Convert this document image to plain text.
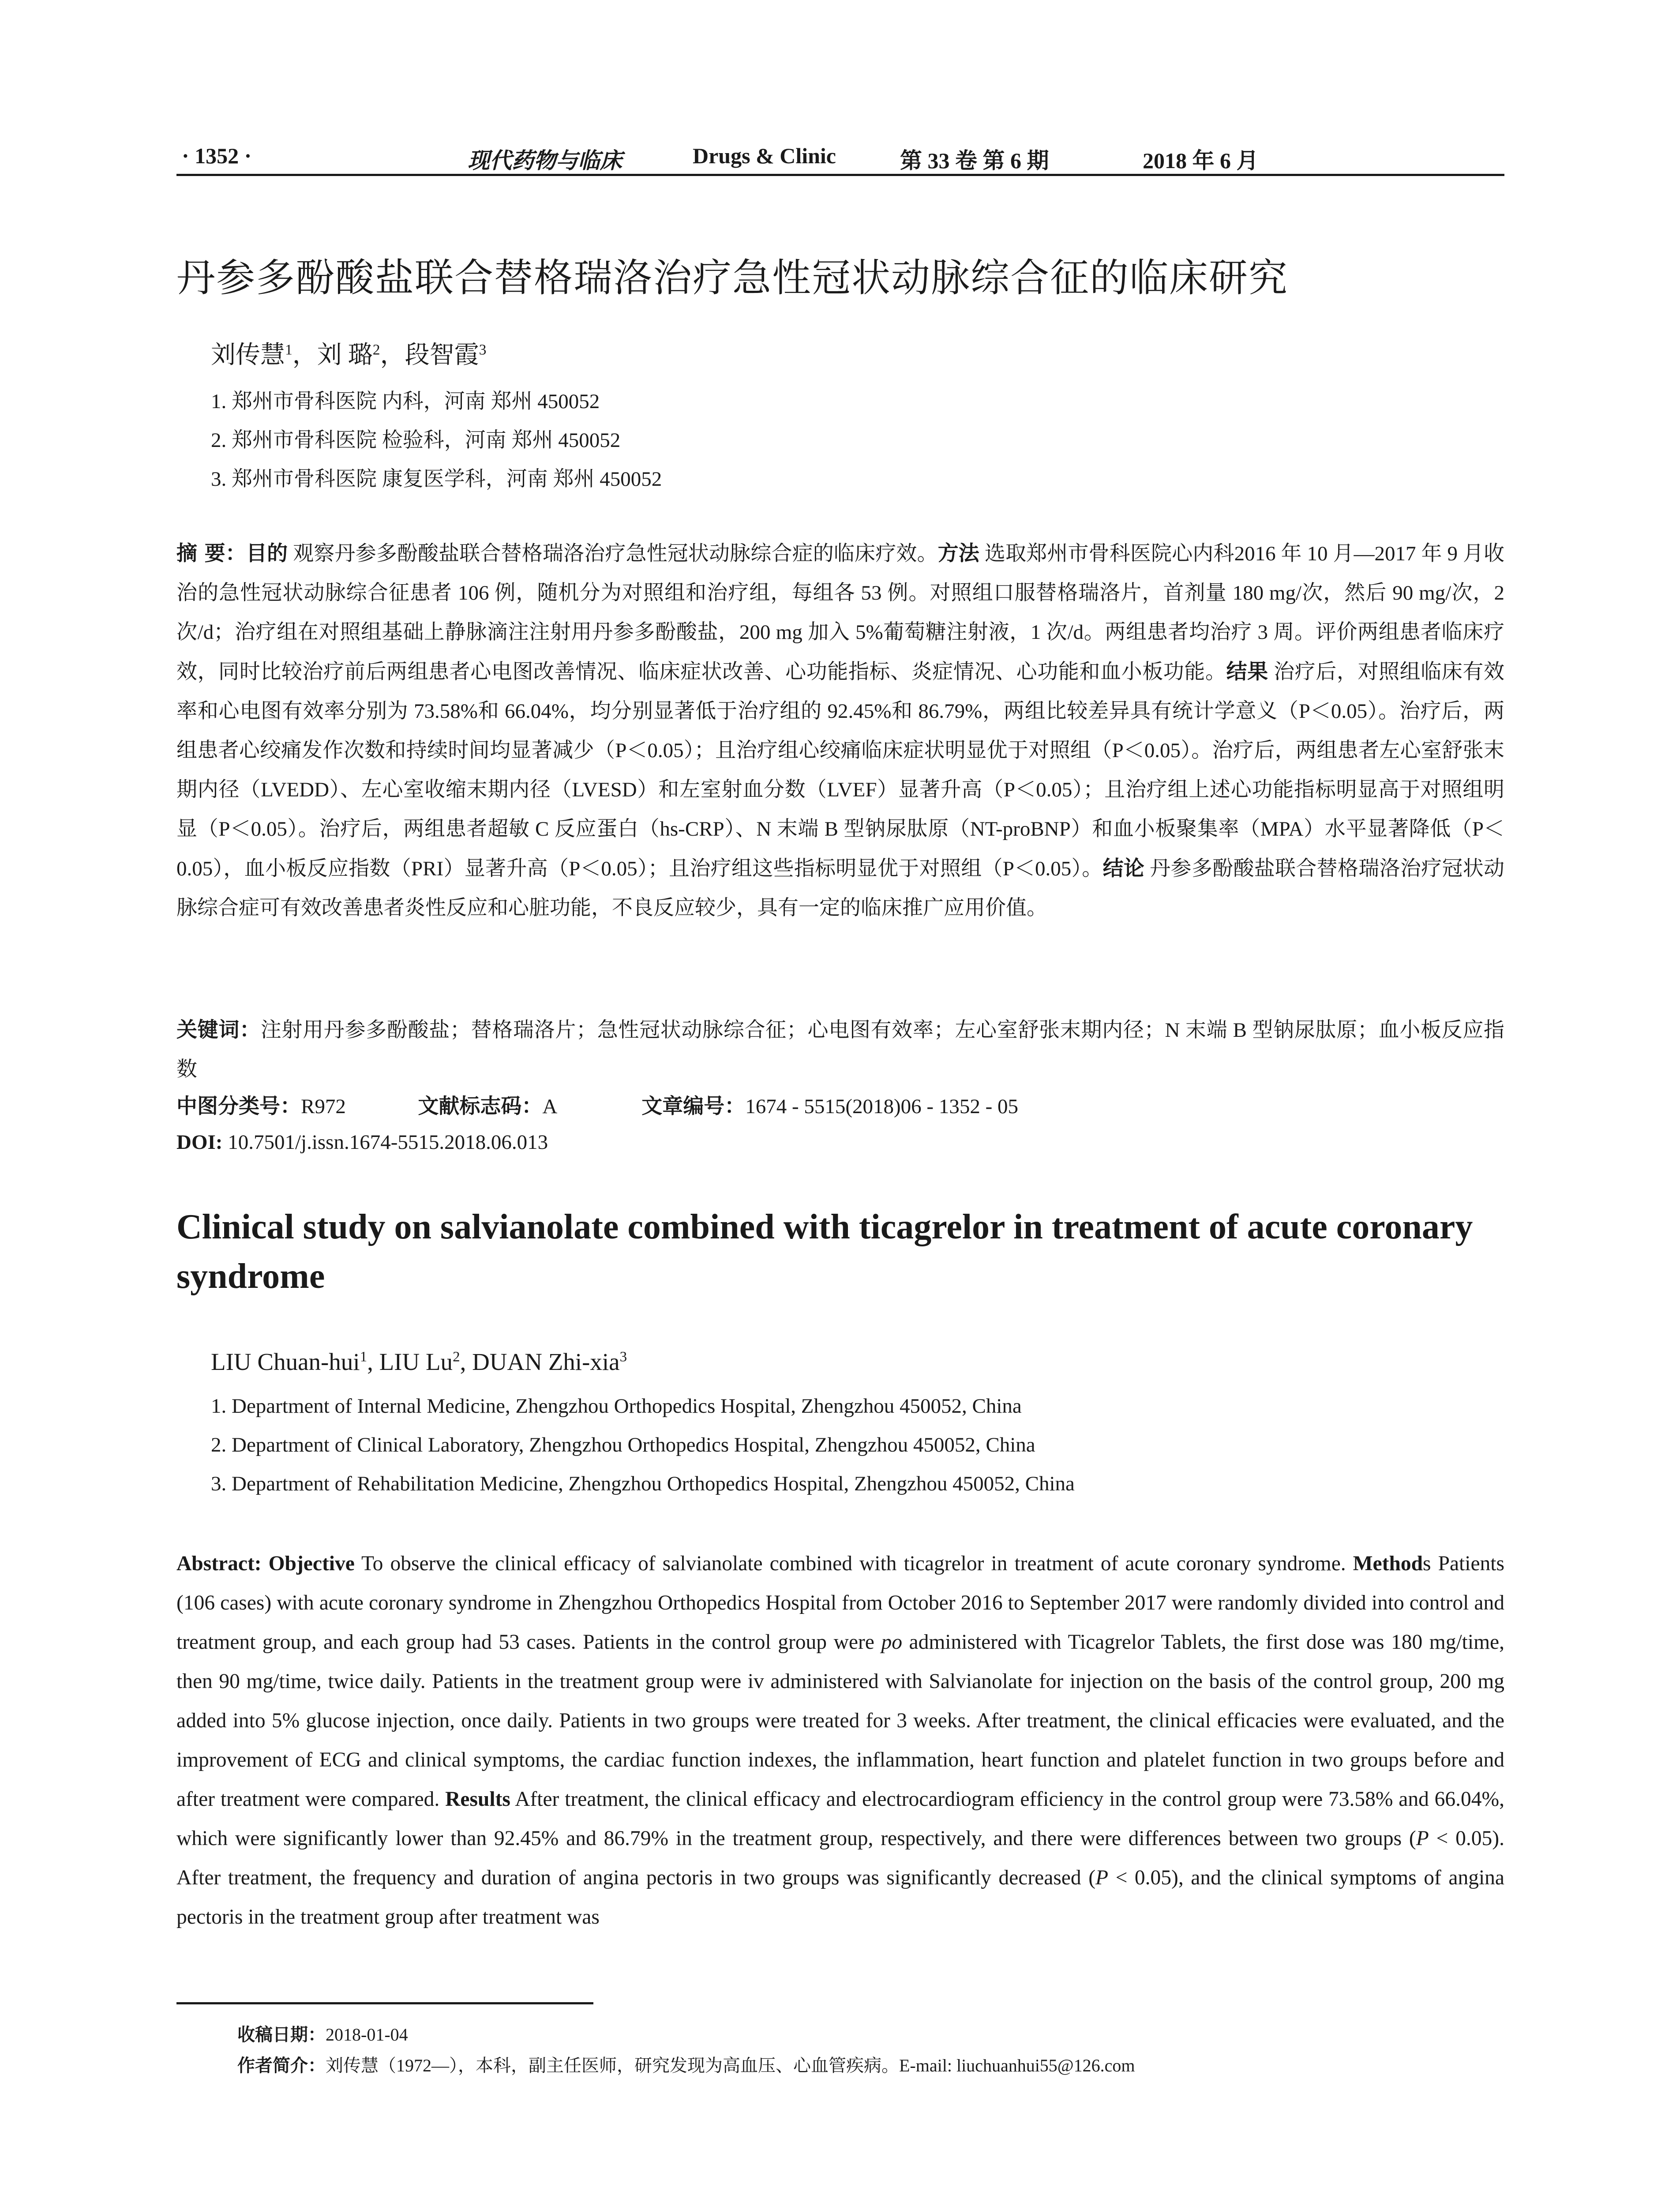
· 1352 ·	现代药物与临床	Drugs & Clinic	第 33 卷 第 6 期	2018 年 6 月
丹参多酚酸盐联合替格瑞洛治疗急性冠状动脉综合征的临床研究
刘传慧$^1$，刘 璐$^2$，段智霞$^3$
1. 郑州市骨科医院 内科，河南 郑州 450052
2. 郑州市骨科医院 检验科，河南 郑州 450052
3. 郑州市骨科医院 康复医学科，河南 郑州 450052
摘 要：目的 观察丹参多酚酸盐联合替格瑞洛治疗急性冠状动脉综合症的临床疗效。方法 选取郑州市骨科医院心内科2016 年 10 月—2017 年 9 月收治的急性冠状动脉综合征患者 106 例，随机分为对照组和治疗组，每组各 53 例。对照组口服替格瑞洛片，首剂量 180 mg/次，然后 90 mg/次，2 次/d；治疗组在对照组基础上静脉滴注注射用丹参多酚酸盐，200 mg 加入 5%葡萄糖注射液，1 次/d。两组患者均治疗 3 周。评价两组患者临床疗效，同时比较治疗前后两组患者心电图改善情况、临床症状改善、心功能指标、炎症情况、心功能和血小板功能。结果 治疗后，对照组临床有效率和心电图有效率分别为 73.58%和 66.04%，均分别显著低于治疗组的 92.45%和 86.79%，两组比较差异具有统计学意义（P＜0.05）。治疗后，两组患者心绞痛发作次数和持续时间均显著减少（P＜0.05）；且治疗组心绞痛临床症状明显优于对照组（P＜0.05）。治疗后，两组患者左心室舒张末期内径（LVEDD）、左心室收缩末期内径（LVESD）和左室射血分数（LVEF）显著升高（P＜0.05）；且治疗组上述心功能指标明显高于对照组明显（P＜0.05）。治疗后，两组患者超敏 C 反应蛋白（hs-CRP）、N 末端 B 型钠尿肽原（NT-proBNP）和血小板聚集率（MPA）水平显著降低（P＜0.05），血小板反应指数（PRI）显著升高（P＜0.05）；且治疗组这些指标明显优于对照组（P＜0.05）。结论 丹参多酚酸盐联合替格瑞洛治疗冠状动脉综合症可有效改善患者炎性反应和心脏功能，不良反应较少，具有一定的临床推广应用价值。
关键词：注射用丹参多酚酸盐；替格瑞洛片；急性冠状动脉综合征；心电图有效率；左心室舒张末期内径；N 末端 B 型钠尿肽原；血小板反应指数
中图分类号：R972	文献标志码：A	文章编号：1674 - 5515(2018)06 - 1352 - 05
DOI: 10.7501/j.issn.1674-5515.2018.06.013
Clinical study on salvianolate combined with ticagrelor in treatment of acute coronary syndrome
LIU Chuan-hui$^1$, LIU Lu$^2$, DUAN Zhi-xia$^3$
1. Department of Internal Medicine, Zhengzhou Orthopedics Hospital, Zhengzhou 450052, China
2. Department of Clinical Laboratory, Zhengzhou Orthopedics Hospital, Zhengzhou 450052, China
3. Department of Rehabilitation Medicine, Zhengzhou Orthopedics Hospital, Zhengzhou 450052, China
Abstract: Objective To observe the clinical efficacy of salvianolate combined with ticagrelor in treatment of acute coronary syndrome. Methods Patients (106 cases) with acute coronary syndrome in Zhengzhou Orthopedics Hospital from October 2016 to September 2017 were randomly divided into control and treatment group, and each group had 53 cases. Patients in the control group were po administered with Ticagrelor Tablets, the first dose was 180 mg/time, then 90 mg/time, twice daily. Patients in the treatment group were iv administered with Salvianolate for injection on the basis of the control group, 200 mg added into 5% glucose injection, once daily. Patients in two groups were treated for 3 weeks. After treatment, the clinical efficacies were evaluated, and the improvement of ECG and clinical symptoms, the cardiac function indexes, the inflammation, heart function and platelet function in two groups before and after treatment were compared. Results After treatment, the clinical efficacy and electrocardiogram efficiency in the control group were 73.58% and 66.04%, which were significantly lower than 92.45% and 86.79% in the treatment group, respectively, and there were differences between two groups (P < 0.05). After treatment, the frequency and duration of angina pectoris in two groups was significantly decreased (P < 0.05), and the clinical symptoms of angina pectoris in the treatment group after treatment was
收稿日期：2018-01-04
作者简介：刘传慧（1972—），本科，副主任医师，研究发现为高血压、心血管疾病。E-mail: liuchuanhui55@126.com
